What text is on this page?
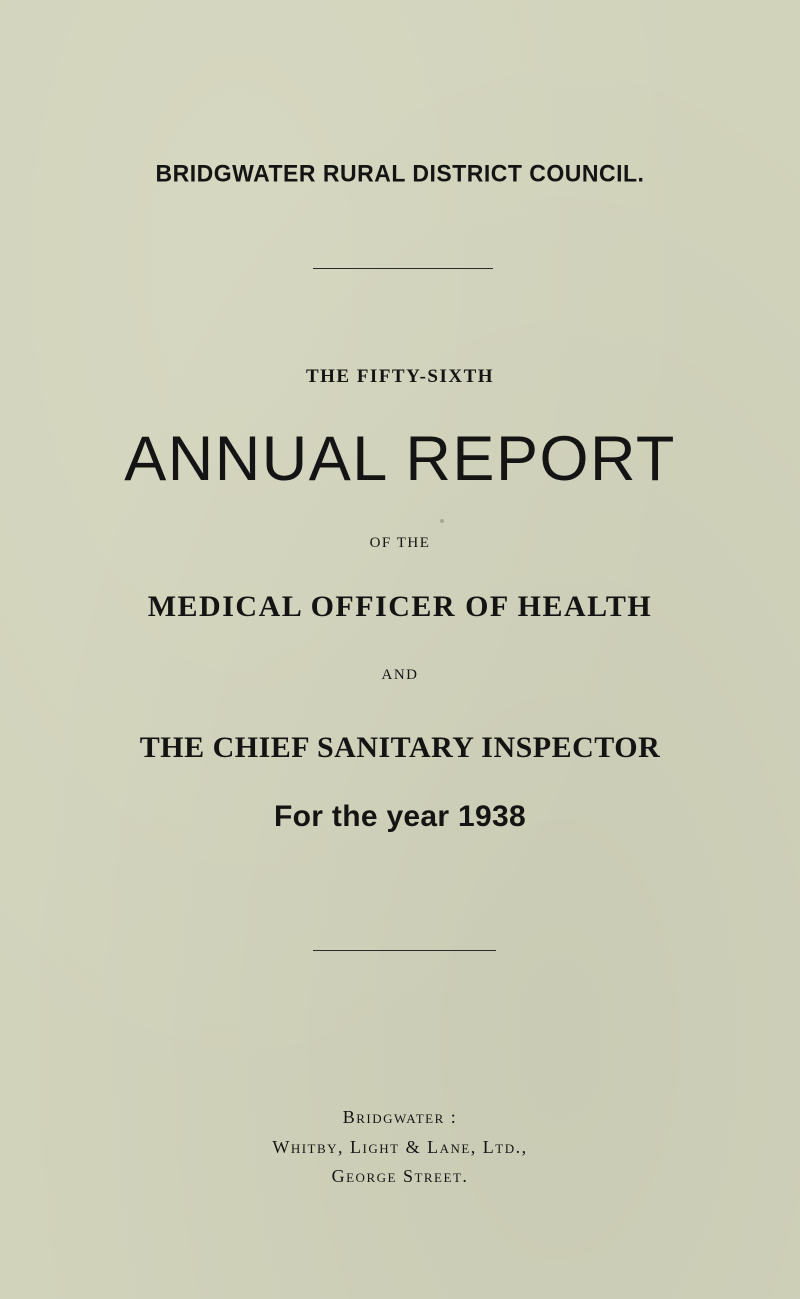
BRIDGWATER RURAL DISTRICT COUNCIL.
THE FIFTY-SIXTH
ANNUAL REPORT
OF THE
MEDICAL OFFICER OF HEALTH
AND
THE CHIEF SANITARY INSPECTOR
For the year 1938
Bridgwater :
Whitby, Light & Lane, Ltd.,
George Street.
